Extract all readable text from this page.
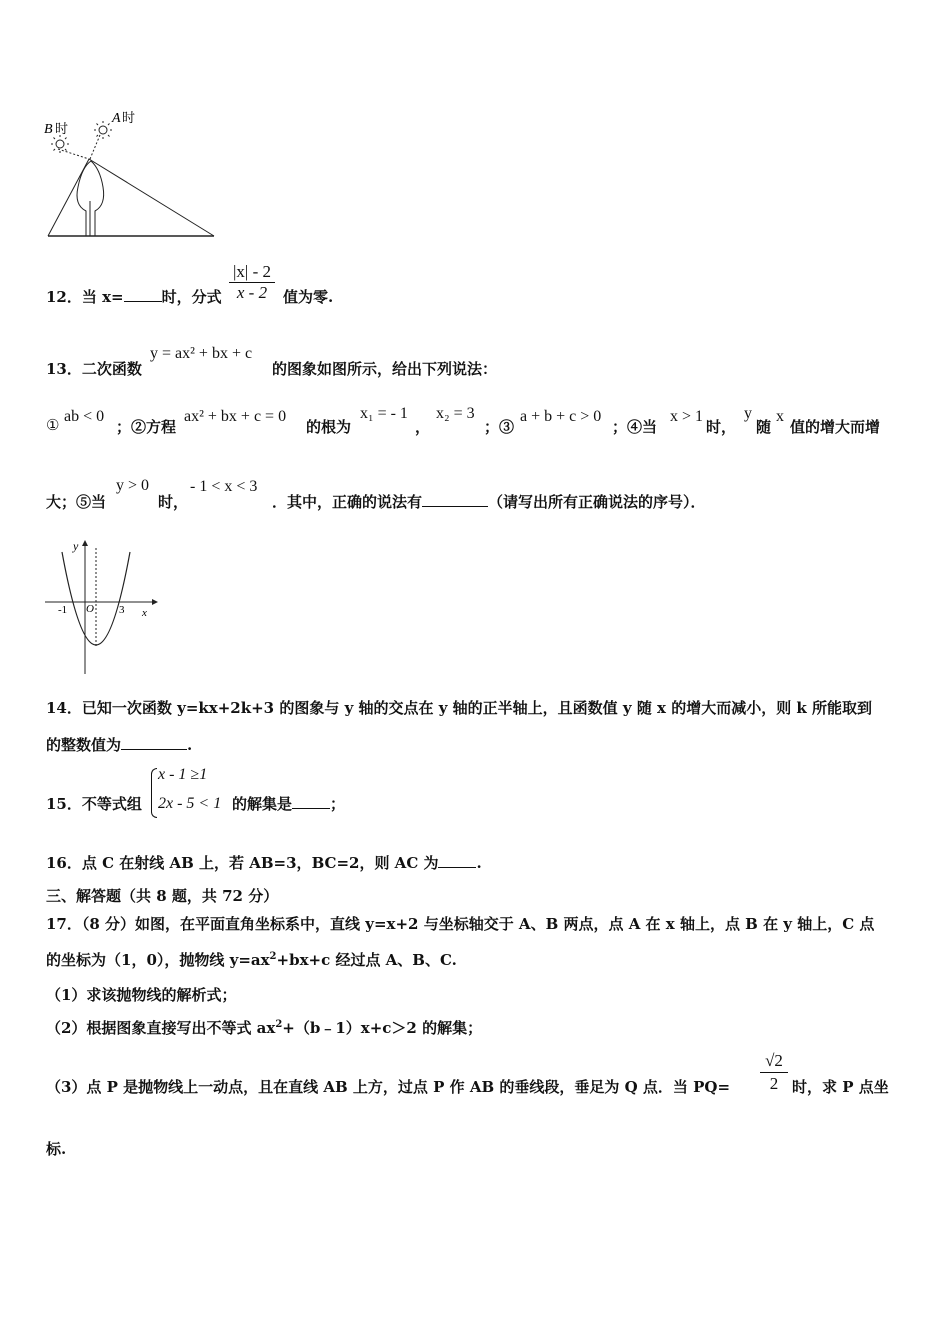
B 时
A 时
12．当 x=	时，分式 $\frac{|x| - 2}{x - 2}$ 值为零.
13．二次函数
y = ax² + bx + c
的图象如图所示，给出下列说法：
① ab < 0
；②方程
ax² + bx + c = 0
的根为
x₁ = - 1
，
x₂ = 3
；③
a + b + c > 0
；④当
x > 1
时，
y
随
x
值的增大而增
大；⑤当
y > 0
时，
- 1 < x < 3
．其中，正确的说法有	（请写出所有正确说法的序号）．
y
x
O
-1	3
14．已知一次函数 y=kx+2k+3 的图象与 y 轴的交点在 y 轴的正半轴上，且函数值 y 随 x 的增大而减小，则 k 所能取到
的整数值为	.
15．不等式组
x - 1 ≥1
2x - 5 < 1 的解集是	；
16．点 C 在射线 AB 上，若 AB=3，BC=2，则 AC 为	.
三、解答题（共 8 题，共 72 分）
17．（8 分）如图，在平面直角坐标系中，直线 y=x+2 与坐标轴交于 A、B 两点，点 A 在 x 轴上，点 B 在 y 轴上，C 点
的坐标为（1，0），抛物线 $y=ax^2+bx+c$ 经过点 A、B、C.
（1）求该抛物线的解析式；
（2）根据图象直接写出不等式 $ax^2+(b﹣1)x+c>2$ 的解集；
（3）点 P 是抛物线上一动点，且在直线 AB 上方，过点 P 作 AB 的垂线段，垂足为 Q 点．当 $PQ= \frac{√2}{2}$ 时，求 P 点坐
标.
